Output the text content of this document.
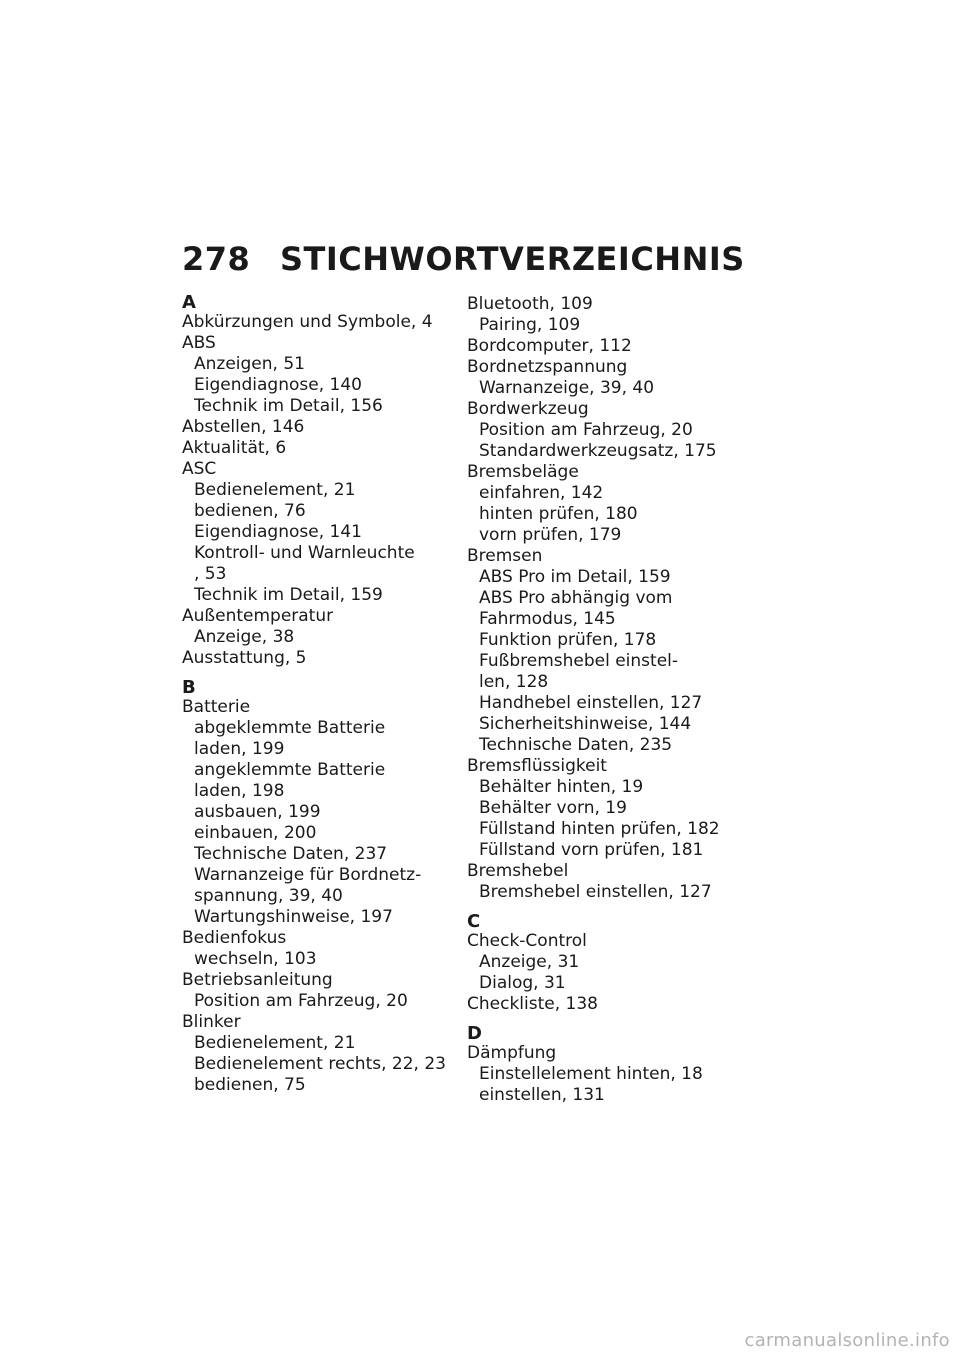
278 STICHWORTVERZEICHNIS
A
Abkürzungen und Symbole, 4
ABS
Anzeigen, 51
Eigendiagnose, 140
Technik im Detail, 156
Abstellen, 146
Aktualität, 6
ASC
Bedienelement, 21
bedienen, 76
Eigendiagnose, 141
Kontroll- und Warnleuchte
, 53
Technik im Detail, 159
Außentemperatur
Anzeige, 38
Ausstattung, 5
B
Batterie
abgeklemmte Batterie
laden, 199
angeklemmte Batterie
laden, 198
ausbauen, 199
einbauen, 200
Technische Daten, 237
Warnanzeige für Bordnetz-
spannung, 39, 40
Wartungshinweise, 197
Bedienfokus
wechseln, 103
Betriebsanleitung
Position am Fahrzeug, 20
Blinker
Bedienelement, 21
Bedienelement rechts, 22, 23
bedienen, 75
Bluetooth, 109
Pairing, 109
Bordcomputer, 112
Bordnetzspannung
Warnanzeige, 39, 40
Bordwerkzeug
Position am Fahrzeug, 20
Standardwerkzeugsatz, 175
Bremsbeläge
einfahren, 142
hinten prüfen, 180
vorn prüfen, 179
Bremsen
ABS Pro im Detail, 159
ABS Pro abhängig vom
Fahrmodus, 145
Funktion prüfen, 178
Fußbremshebel einstel-
len, 128
Handhebel einstellen, 127
Sicherheitshinweise, 144
Technische Daten, 235
Bremsflüssigkeit
Behälter hinten, 19
Behälter vorn, 19
Füllstand hinten prüfen, 182
Füllstand vorn prüfen, 181
Bremshebel
Bremshebel einstellen, 127
C
Check-Control
Anzeige, 31
Dialog, 31
Checkliste, 138
D
Dämpfung
Einstellelement hinten, 18
einstellen, 131
carmanualsonline.info
